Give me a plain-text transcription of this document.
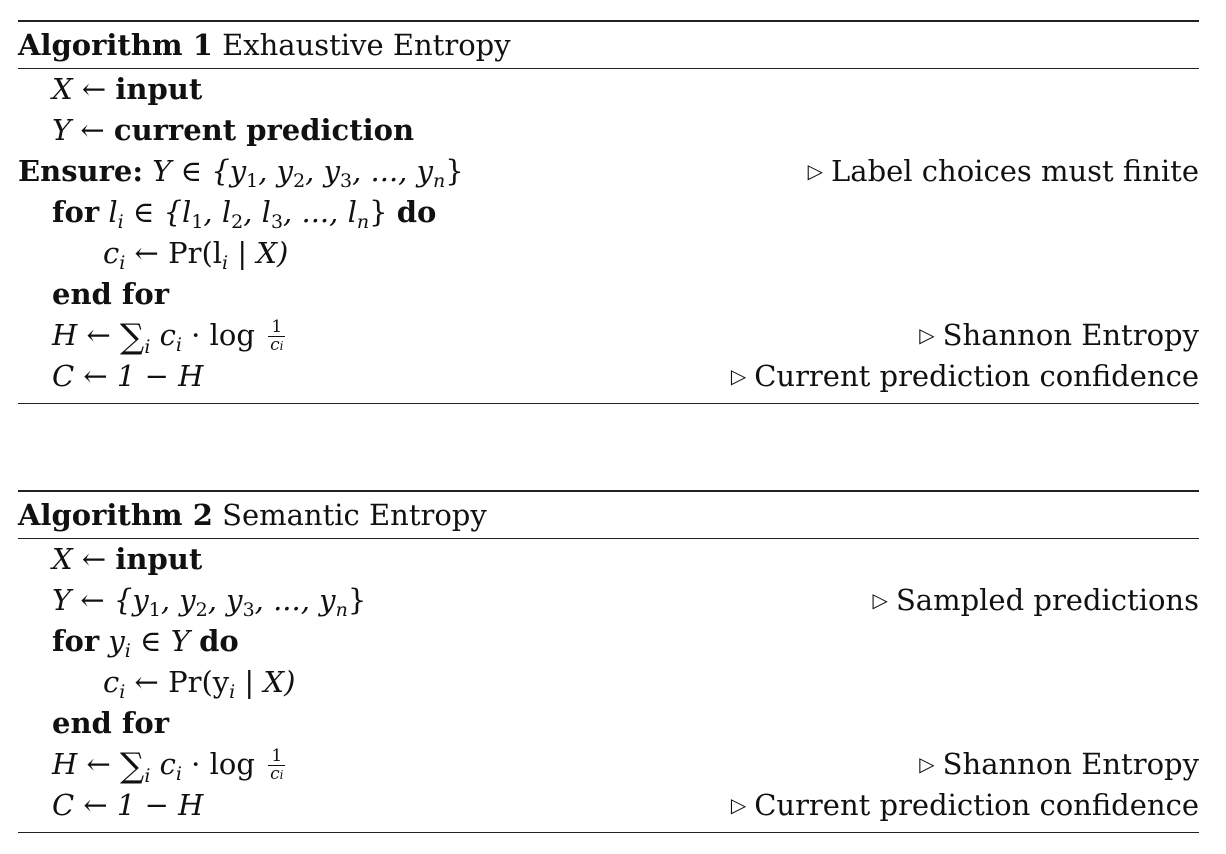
Algorithm 1 Exhaustive Entropy
X ← input
Y ← current prediction
Ensure: Y ∈ {$y_1$, $y_2$, $y_3$, ..., $y_n$}	▷ Label choices must finite
for $l_i$ ∈ {$l_1$, $l_2$, $l_3$, ..., $l_n$} do
$c_i$ ← $Pr(l_i$ | X)
end for
H ← $\sum_i$ $c_i \cdot \log \frac{1}{ci}$	▷ Shannon Entropy
C ← 1 − H	▷ Current prediction confidence
Algorithm 2 Semantic Entropy
X ← input
Y ← {$y_1$, $y_2$, $y_3$, ..., $y_n$}	▷ Sampled predictions
for $y_i$ ∈ Y do
$c_i$ ← $Pr(y_i$ | X)
end for
H ← $\sum_i$ $c_i \cdot \log \frac{1}{ci}$	▷ Shannon Entropy
C ← 1 − H	▷ Current prediction confidence
